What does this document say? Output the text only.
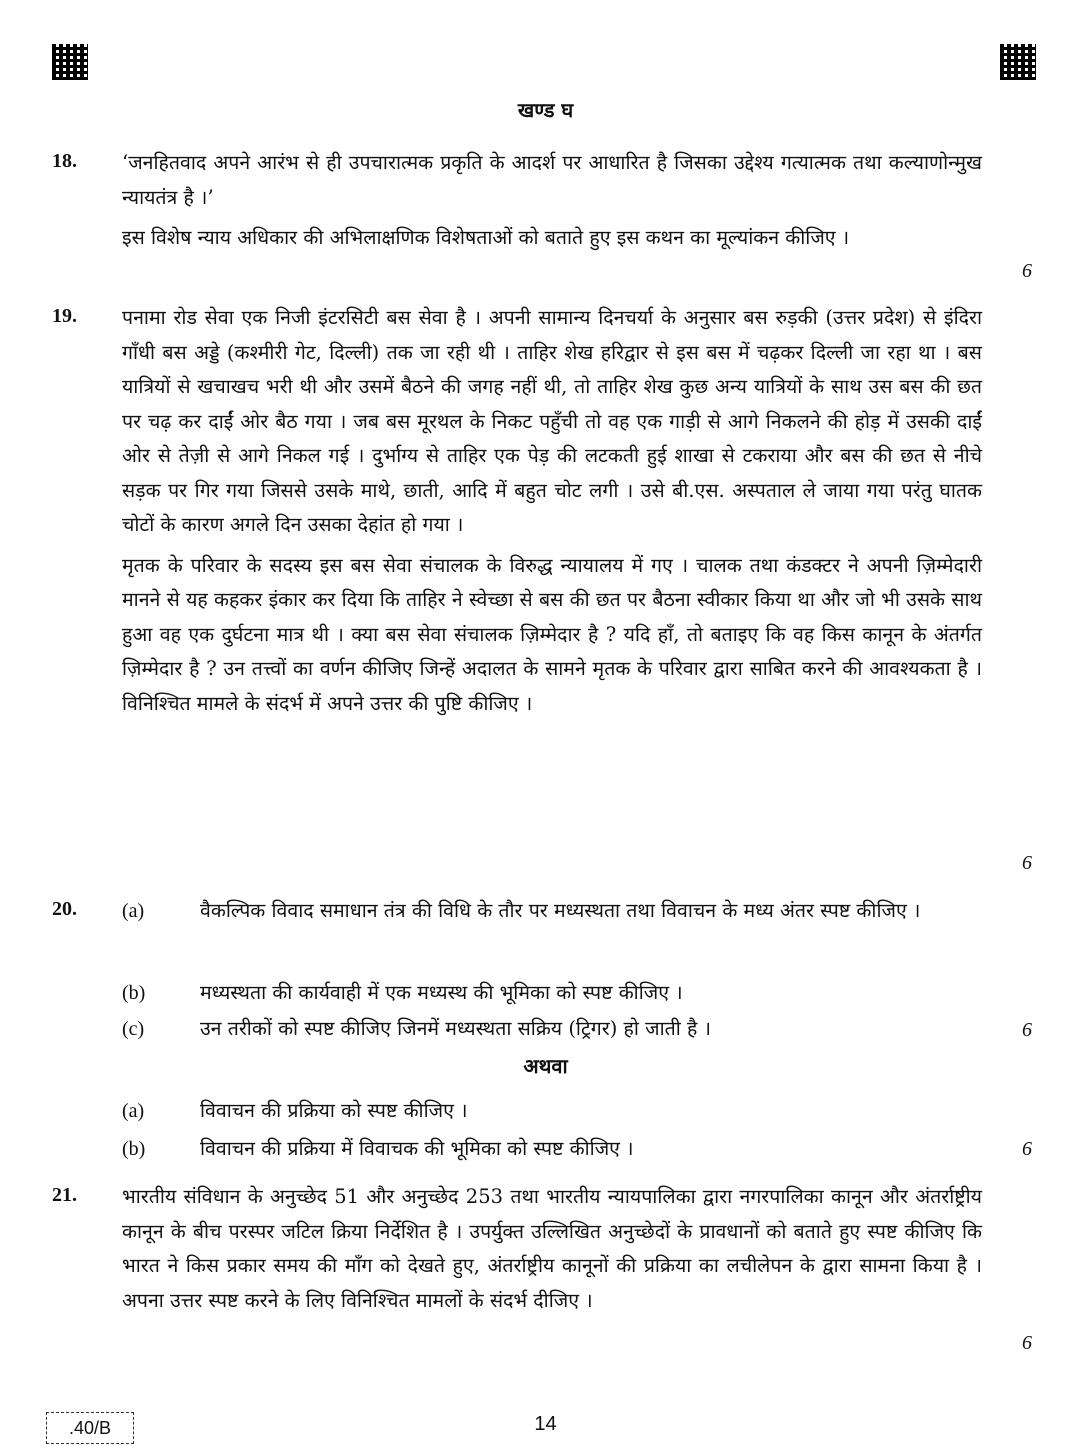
खण्ड घ
18. ‘जनहितवाद अपने आरंभ से ही उपचारात्मक प्रकृति के आदर्श पर आधारित है जिसका उद्देश्य गत्यात्मक तथा कल्याणोन्मुख न्यायतंत्र है ।’

इस विशेष न्याय अधिकार की अभिलाक्षणिक विशेषताओं को बताते हुए इस कथन का मूल्यांकन कीजिए ।

6
19. पनामा रोड सेवा एक निजी इंटरसिटी बस सेवा है । अपनी सामान्य दिनचर्या के अनुसार बस रुड़की (उत्तर प्रदेश) से इंदिरा गाँधी बस अड्डे (कश्मीरी गेट, दिल्ली) तक जा रही थी । ताहिर शेख हरिद्वार से इस बस में चढ़कर दिल्ली जा रहा था । बस यात्रियों से खचाखच भरी थी और उसमें बैठने की जगह नहीं थी, तो ताहिर शेख कुछ अन्य यात्रियों के साथ उस बस की छत पर चढ़ कर दाईं ओर बैठ गया । जब बस मूरथल के निकट पहुँची तो वह एक गाड़ी से आगे निकलने की होड़ में उसकी दाईं ओर से तेज़ी से आगे निकल गई । दुर्भाग्य से ताहिर एक पेड़ की लटकती हुई शाखा से टकराया और बस की छत से नीचे सड़क पर गिर गया जिससे उसके माथे, छाती, आदि में बहुत चोट लगी । उसे बी.एस. अस्पताल ले जाया गया परंतु घातक चोटों के कारण अगले दिन उसका देहांत हो गया ।

मृतक के परिवार के सदस्य इस बस सेवा संचालक के विरुद्ध न्यायालय में गए । चालक तथा कंडक्टर ने अपनी ज़िम्मेदारी मानने से यह कहकर इंकार कर दिया कि ताहिर ने स्वेच्छा से बस की छत पर बैठना स्वीकार किया था और जो भी उसके साथ हुआ वह एक दुर्घटना मात्र थी । क्या बस सेवा संचालक ज़िम्मेदार है ? यदि हाँ, तो बताइए कि वह किस कानून के अंतर्गत ज़िम्मेदार है ? उन तत्त्वों का वर्णन कीजिए जिन्हें अदालत के सामने मृतक के परिवार द्वारा साबित करने की आवश्यकता है । विनिश्चित मामले के संदर्भ में अपने उत्तर की पुष्टि कीजिए ।

6
20. (a)	वैकल्पिक विवाद समाधान तंत्र की विधि के तौर पर मध्यस्थता तथा विवाचन के मध्य अंतर स्पष्ट कीजिए ।
(b)	मध्यस्थता की कार्यवाही में एक मध्यस्थ की भूमिका को स्पष्ट कीजिए ।
(c)	उन तरीकों को स्पष्ट कीजिए जिनमें मध्यस्थता सक्रिय (ट्रिगर) हो जाती है ।	6
अथवा
(a)	विवाचन की प्रक्रिया को स्पष्ट कीजिए ।
(b)	विवाचन की प्रक्रिया में विवाचक की भूमिका को स्पष्ट कीजिए ।	6
21. भारतीय संविधान के अनुच्छेद 51 और अनुच्छेद 253 तथा भारतीय न्यायपालिका द्वारा नगरपालिका कानून और अंतर्राष्ट्रीय कानून के बीच परस्पर जटिल क्रिया निर्देशित है । उपर्युक्त उल्लिखित अनुच्छेदों के प्रावधानों को बताते हुए स्पष्ट कीजिए कि भारत ने किस प्रकार समय की माँग को देखते हुए, अंतर्राष्ट्रीय कानूनों की प्रक्रिया का लचीलेपन के द्वारा सामना किया है । अपना उत्तर स्पष्ट करने के लिए विनिश्चित मामलों के संदर्भ दीजिए ।

6
.40/B	14
